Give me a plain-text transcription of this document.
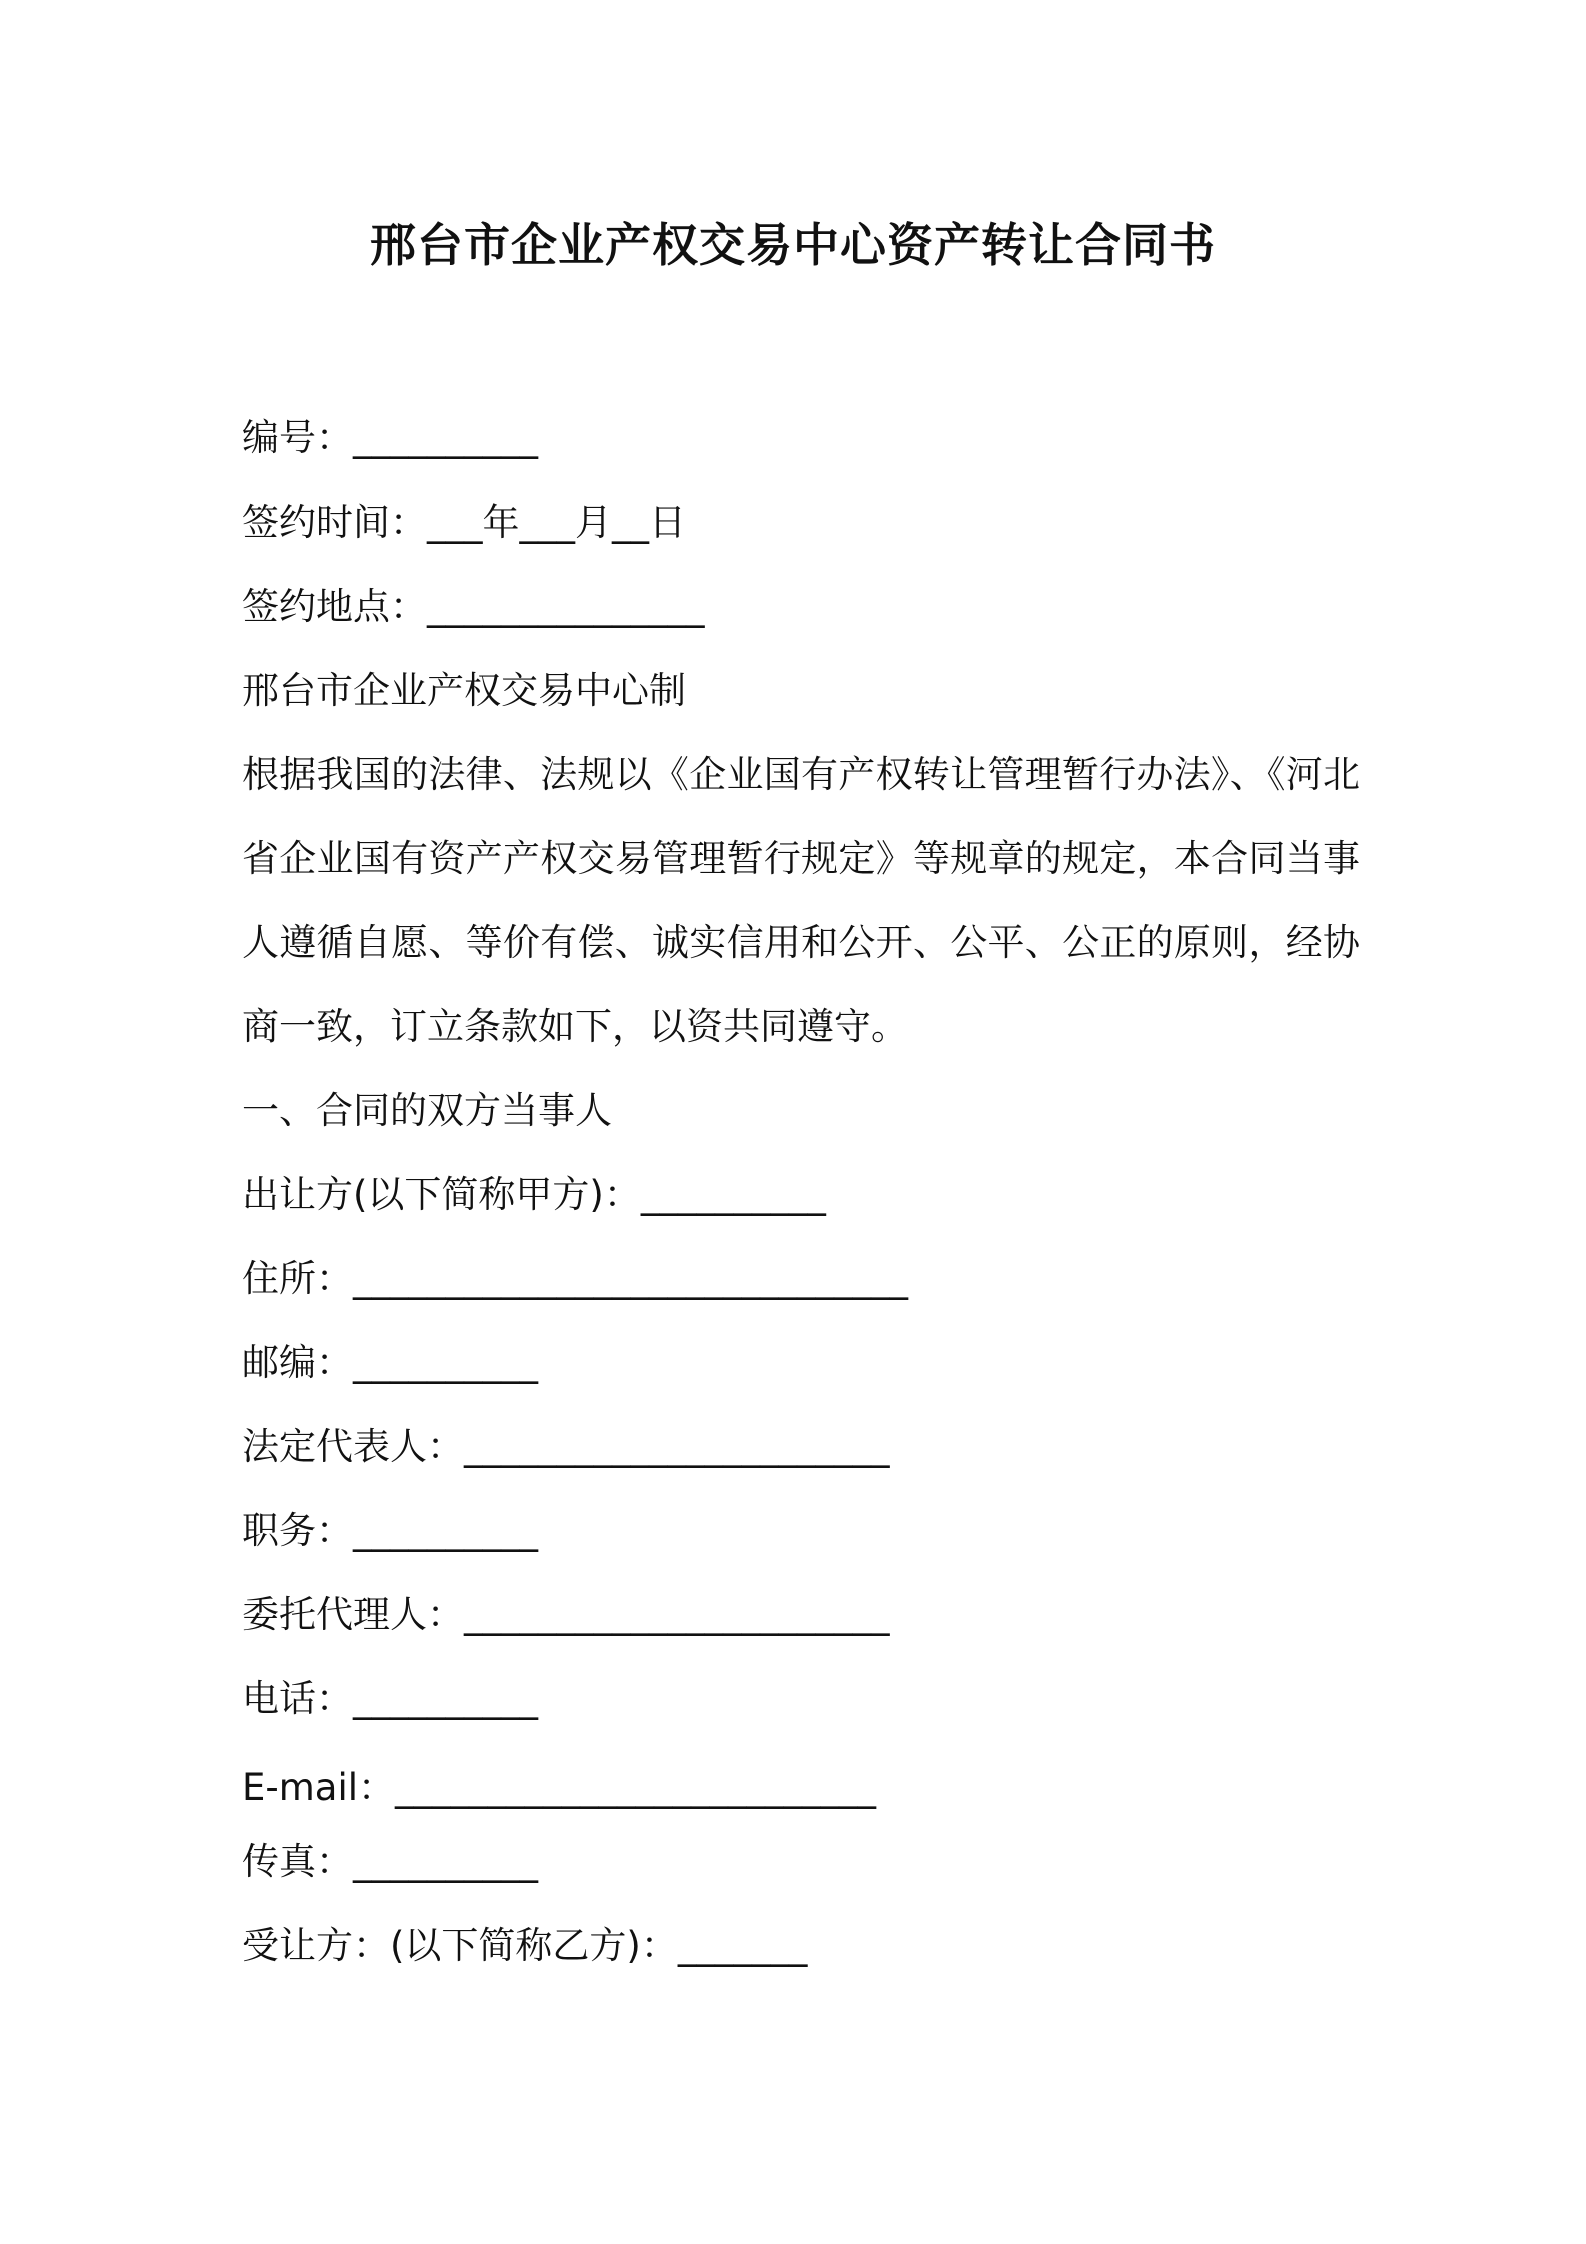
邢台市企业产权交易中心资产转让合同书
编号：__________
签约时间：___年___月__日
签约地点：_______________
邢台市企业产权交易中心制
根据我国的法律、法规以《企业国有产权转让管理暂行办法》、《河北省企业国有资产产权交易管理暂行规定》等规章的规定，本合同当事人遵循自愿、等价有偿、诚实信用和公开、公平、公正的原则，经协商一致，订立条款如下，以资共同遵守。
一、合同的双方当事人
出让方(以下简称甲方)：__________
住所：______________________________
邮编：__________
法定代表人：_______________________
职务：__________
委托代理人：_______________________
电话：__________
E-mail：__________________________
传真：__________
受让方：(以下简称乙方)：_______
